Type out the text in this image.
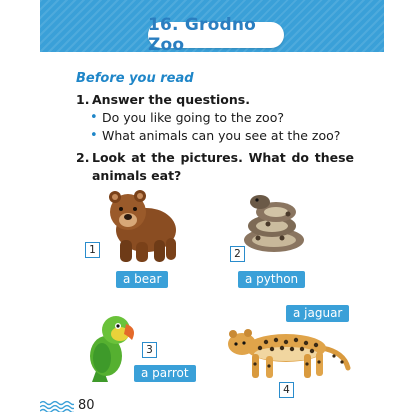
16. Grodno Zoo
Before you read
1. Answer the questions.
• Do you like going to the zoo?
• What animals can you see at the zoo?
2. Look at the pictures. What do these animals eat?
1
a bear
2
a python
3
a parrot
a jaguar
4
80
